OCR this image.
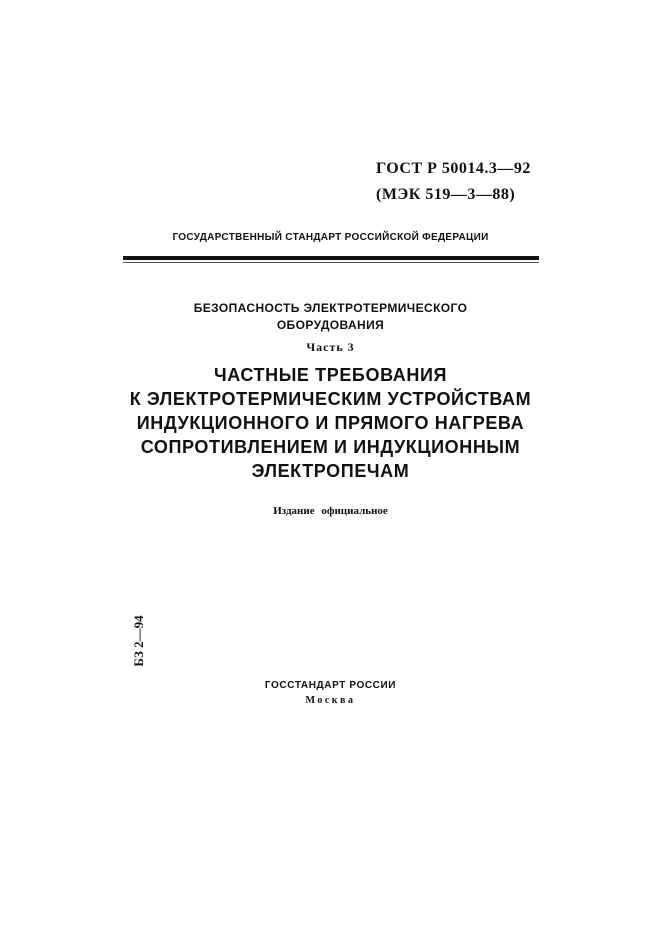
ГОСТ Р 50014.3—92
(МЭК 519—3—88)
ГОСУДАРСТВЕННЫЙ СТАНДАРТ РОССИЙСКОЙ ФЕДЕРАЦИИ
БЕЗОПАСНОСТЬ ЭЛЕКТРОТЕРМИЧЕСКОГО
ОБОРУДОВАНИЯ
Часть 3
ЧАСТНЫЕ ТРЕБОВАНИЯ
К ЭЛЕКТРОТЕРМИЧЕСКИМ УСТРОЙСТВАМ
ИНДУКЦИОННОГО И ПРЯМОГО НАГРЕВА
СОПРОТИВЛЕНИЕМ И ИНДУКЦИОННЫМ
ЭЛЕКТРОПЕЧАМ
Издание официальное
БЗ 2—94
ГОССТАНДАРТ РОССИИ
Москва
